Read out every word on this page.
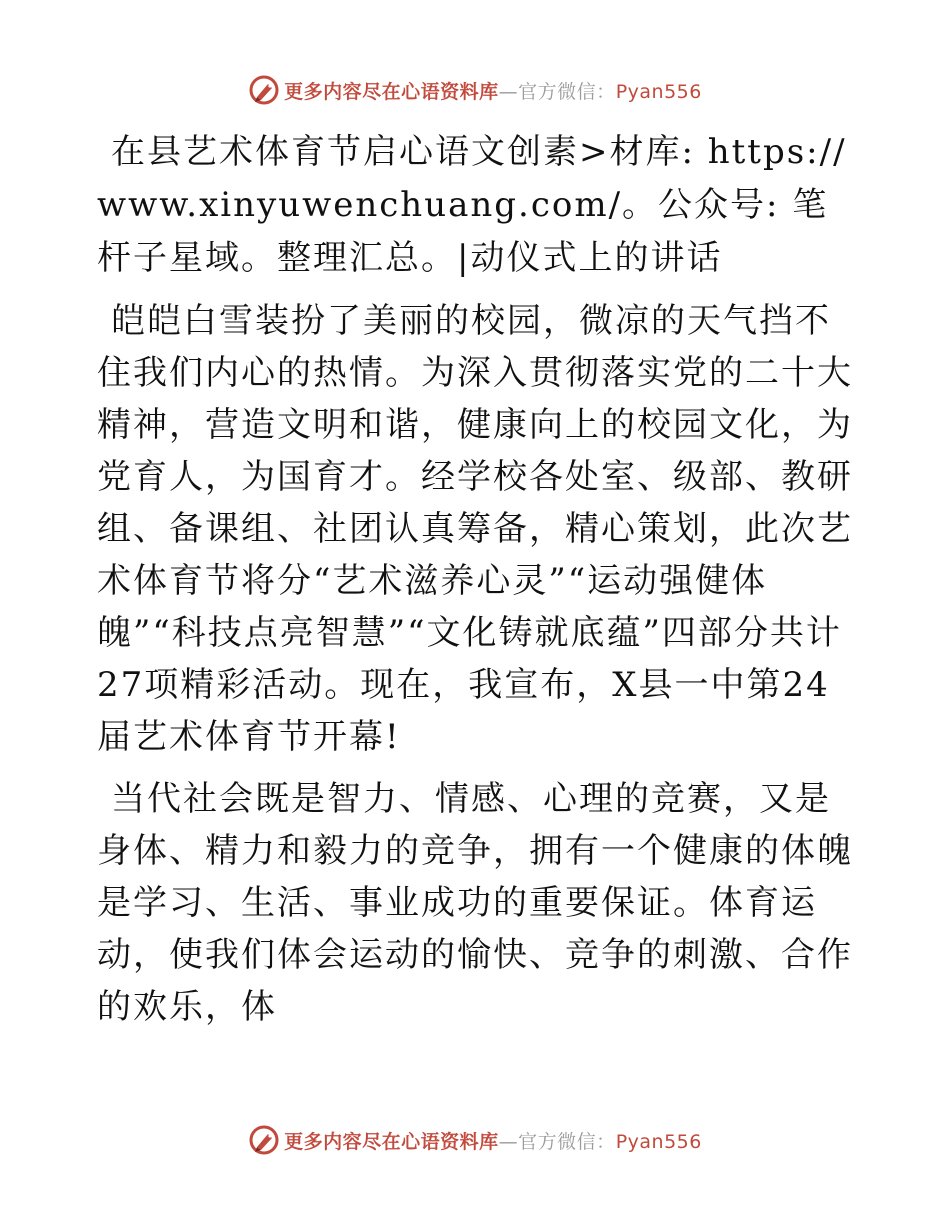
更多内容尽在心语资料库—官方微信：Pyan556

在县艺术体育节启心语文创素>材库: https://www.xinyuwenchuang.com/。公众号: 笔杆子星域。整理汇总。|动仪式上的讲话

皑皑白雪装扮了美丽的校园，微凉的天气挡不住我们内心的热情。为深入贯彻落实党的二十大精神，营造文明和谐，健康向上的校园文化，为党育人，为国育才。经学校各处室、级部、教研组、备课组、社团认真筹备，精心策划，此次艺术体育节将分“艺术滋养心灵”“运动强健体魄”“科技点亮智慧”“文化铸就底蕴”四部分共计27项精彩活动。现在，我宣布，X县一中第24届艺术体育节开幕!

当代社会既是智力、情感、心理的竞赛，又是身体、精力和毅力的竞争，拥有一个健康的体魄是学习、生活、事业成功的重要保证。体育运动，使我们体会运动的愉快、竞争的刺激、合作的欢乐，体

更多内容尽在心语资料库—官方微信：Pyan556
